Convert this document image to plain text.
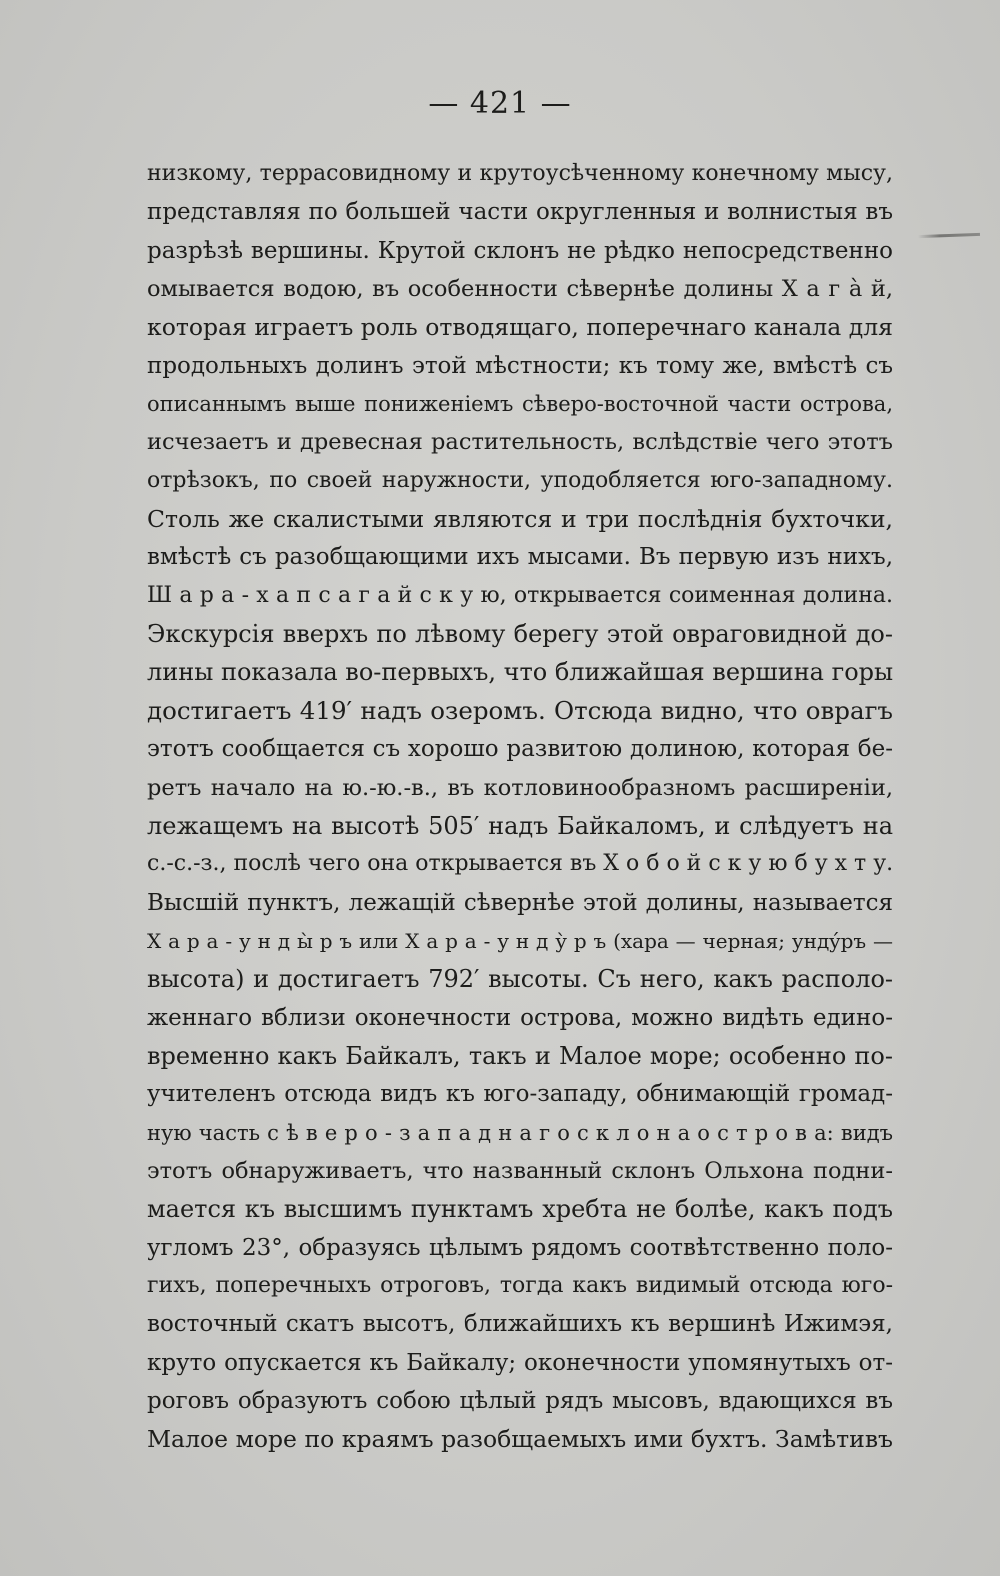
— 421 —
низкому, террасовидному и крутоусѣченному конечному мысу,
представляя по большей части округленныя и волнистыя въ
разрѣзѣ вершины. Крутой склонъ не рѣдко непосредственно
омывается водою, въ особенности сѣвернѣе долины Х а г а̀ й,
которая играетъ роль отводящаго, поперечнаго канала для
продольныхъ долинъ этой мѣстности; къ тому же, вмѣстѣ съ
описаннымъ выше пониженіемъ сѣверо-восточной части острова,
исчезаетъ и древесная растительность, вслѣдствіе чего этотъ
отрѣзокъ, по своей наружности, уподобляется юго-западному.
Столь же скалистыми являются и три послѣднія бухточки,
вмѣстѣ съ разобщающими ихъ мысами. Въ первую изъ нихъ,
Ш а р а - х а п с а г а й с к у ю, открывается соименная долина.
Экскурсія вверхъ по лѣвому берегу этой овраговидной до-
лины показала во-первыхъ, что ближайшая вершина горы
достигаетъ 419′ надъ озеромъ. Отсюда видно, что оврагъ
этотъ сообщается съ хорошо развитою долиною, которая бе-
ретъ начало на ю.-ю.-в., въ котловинообразномъ расширеніи,
лежащемъ на высотѣ 505′ надъ Байкаломъ, и слѣдуетъ на
с.-с.-з., послѣ чего она открывается въ Х о б о й с к у ю б у х т у.
Высшій пунктъ, лежащій сѣвернѣе этой долины, называется
Х а р а - у н д ы̀ р ъ или Х а р а - у н д у̀ р ъ (хара — черная; ундýръ —
высота) и достигаетъ 792′ высоты. Съ него, какъ располо-
женнаго вблизи оконечности острова, можно видѣть едино-
временно какъ Байкалъ, такъ и Малое море; особенно по-
учителенъ отсюда видъ къ юго-западу, обнимающій громад-
ную часть с ѣ в е р о - з а п а д н а г о с к л о н а о с т р о в а: видъ
этотъ обнаруживаетъ, что названный склонъ Ольхона подни-
мается къ высшимъ пунктамъ хребта не болѣе, какъ подъ
угломъ 23°, образуясь цѣлымъ рядомъ соотвѣтственно поло-
гихъ, поперечныхъ отроговъ, тогда какъ видимый отсюда юго-
восточный скатъ высотъ, ближайшихъ къ вершинѣ Ижимэя,
круто опускается къ Байкалу; оконечности упомянутыхъ от-
роговъ образуютъ собою цѣлый рядъ мысовъ, вдающихся въ
Малое море по краямъ разобщаемыхъ ими бухтъ. Замѣтивъ
